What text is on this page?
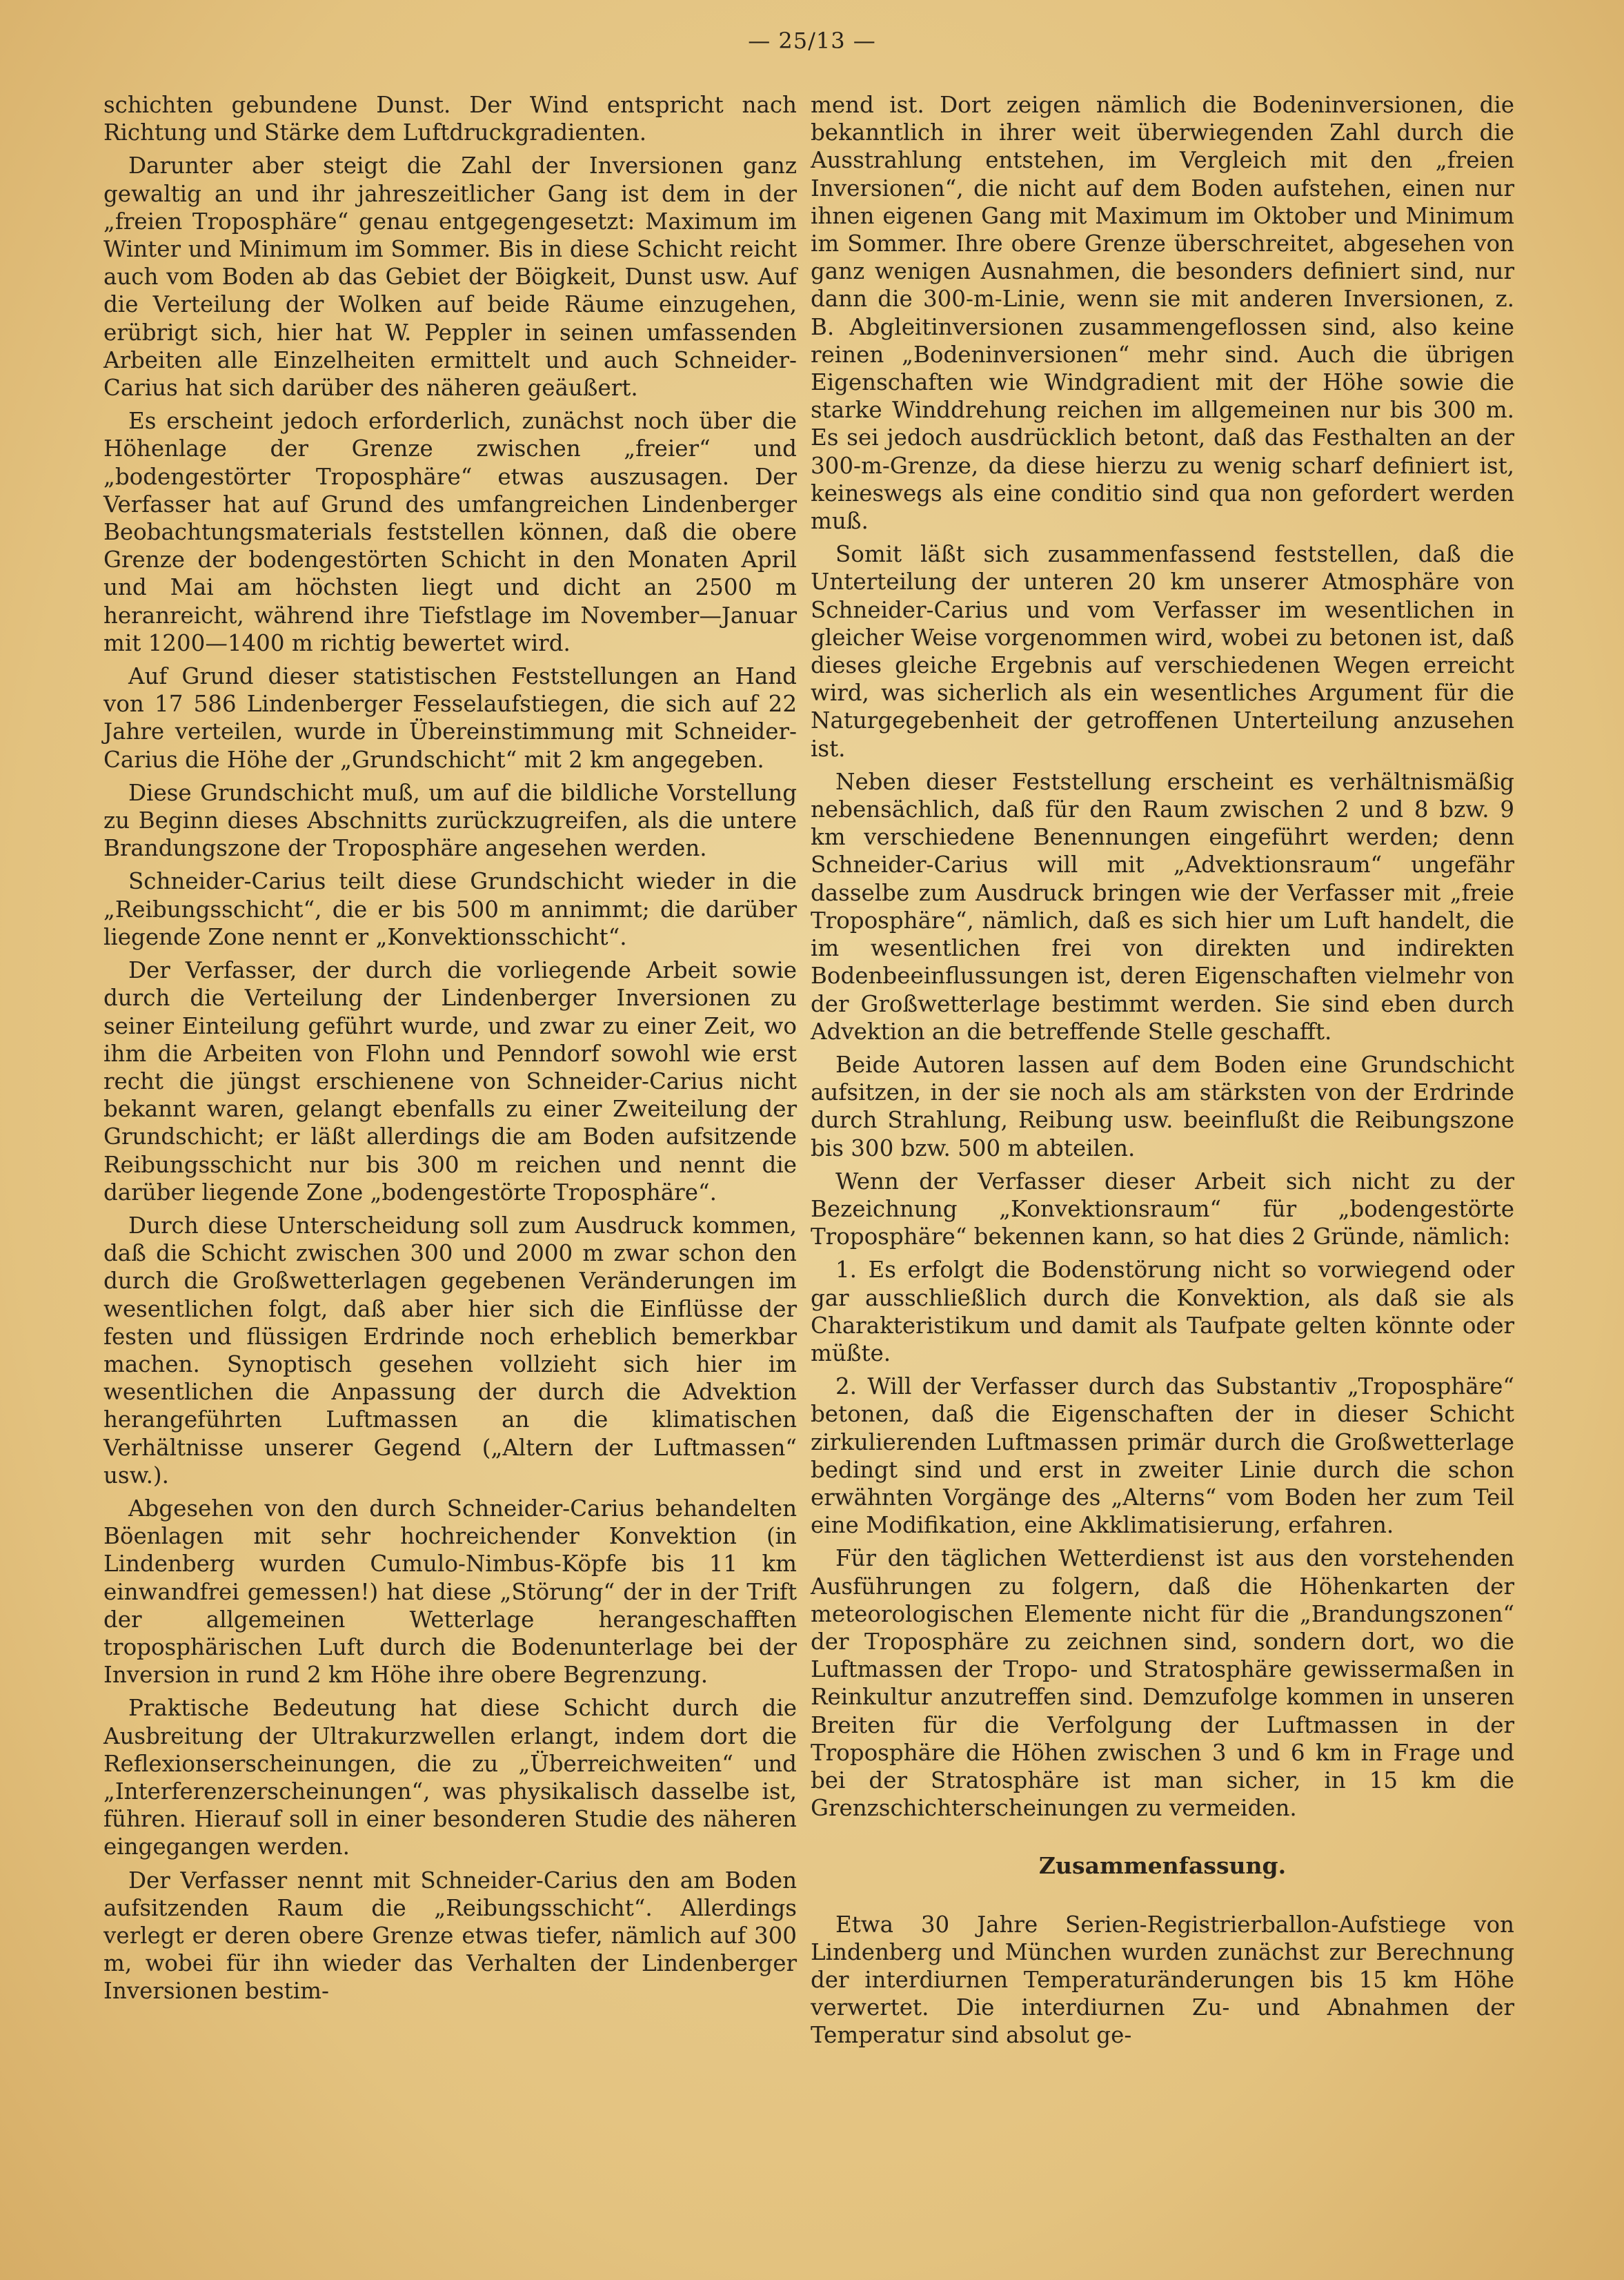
— 25/13 —

schichten gebundene Dunst. Der Wind entspricht nach Richtung und Stärke dem Luftdruckgradienten.

Darunter aber steigt die Zahl der Inversionen ganz gewaltig an und ihr jahreszeitlicher Gang ist dem in der „freien Troposphäre“ genau entgegengesetzt: Maximum im Winter und Minimum im Sommer. Bis in diese Schicht reicht auch vom Boden ab das Gebiet der Böigkeit, Dunst usw. Auf die Verteilung der Wolken auf beide Räume einzugehen, erübrigt sich, hier hat W. Peppler in seinen umfassenden Arbeiten alle Einzelheiten ermittelt und auch Schneider-Carius hat sich darüber des näheren geäußert.

Es erscheint jedoch erforderlich, zunächst noch über die Höhenlage der Grenze zwischen „freier“ und „bodengestörter Troposphäre“ etwas auszusagen. Der Verfasser hat auf Grund des umfangreichen Lindenberger Beobachtungsmaterials feststellen können, daß die obere Grenze der bodengestörten Schicht in den Monaten April und Mai am höchsten liegt und dicht an 2500 m heranreicht, während ihre Tiefstlage im November—Januar mit 1200—1400 m richtig bewertet wird.

Auf Grund dieser statistischen Feststellungen an Hand von 17 586 Lindenberger Fesselaufstiegen, die sich auf 22 Jahre verteilen, wurde in Übereinstimmung mit Schneider-Carius die Höhe der „Grundschicht“ mit 2 km angegeben.

Diese Grundschicht muß, um auf die bildliche Vorstellung zu Beginn dieses Abschnitts zurückzugreifen, als die untere Brandungszone der Troposphäre angesehen werden.

Schneider-Carius teilt diese Grundschicht wieder in die „Reibungsschicht“, die er bis 500 m annimmt; die darüber liegende Zone nennt er „Konvektionsschicht“.

Der Verfasser, der durch die vorliegende Arbeit sowie durch die Verteilung der Lindenberger Inversionen zu seiner Einteilung geführt wurde, und zwar zu einer Zeit, wo ihm die Arbeiten von Flohn und Penndorf sowohl wie erst recht die jüngst erschienene von Schneider-Carius nicht bekannt waren, gelangt ebenfalls zu einer Zweiteilung der Grundschicht; er läßt allerdings die am Boden aufsitzende Reibungsschicht nur bis 300 m reichen und nennt die darüber liegende Zone „bodengestörte Troposphäre“.

Durch diese Unterscheidung soll zum Ausdruck kommen, daß die Schicht zwischen 300 und 2000 m zwar schon den durch die Großwetterlagen gegebenen Veränderungen im wesentlichen folgt, daß aber hier sich die Einflüsse der festen und flüssigen Erdrinde noch erheblich bemerkbar machen. Synoptisch gesehen vollzieht sich hier im wesentlichen die Anpassung der durch die Advektion herangeführten Luftmassen an die klimatischen Verhältnisse unserer Gegend („Altern der Luftmassen“ usw.).

Abgesehen von den durch Schneider-Carius behandelten Böenlagen mit sehr hochreichender Konvektion (in Lindenberg wurden Cumulo-Nimbus-Köpfe bis 11 km einwandfrei gemessen!) hat diese „Störung“ der in der Trift der allgemeinen Wetterlage herangeschafften troposphärischen Luft durch die Bodenunterlage bei der Inversion in rund 2 km Höhe ihre obere Begrenzung.

Praktische Bedeutung hat diese Schicht durch die Ausbreitung der Ultrakurzwellen erlangt, indem dort die Reflexionserscheinungen, die zu „Überreichweiten“ und „Interferenzerscheinungen“, was physikalisch dasselbe ist, führen. Hierauf soll in einer besonderen Studie des näheren eingegangen werden.

Der Verfasser nennt mit Schneider-Carius den am Boden aufsitzenden Raum die „Reibungsschicht“. Allerdings verlegt er deren obere Grenze etwas tiefer, nämlich auf 300 m, wobei für ihn wieder das Verhalten der Lindenberger Inversionen bestim-

mend ist. Dort zeigen nämlich die Bodeninversionen, die bekanntlich in ihrer weit überwiegenden Zahl durch die Ausstrahlung entstehen, im Vergleich mit den „freien Inversionen“, die nicht auf dem Boden aufstehen, einen nur ihnen eigenen Gang mit Maximum im Oktober und Minimum im Sommer. Ihre obere Grenze überschreitet, abgesehen von ganz wenigen Ausnahmen, die besonders definiert sind, nur dann die 300-m-Linie, wenn sie mit anderen Inversionen, z. B. Abgleitinversionen zusammengeflossen sind, also keine reinen „Bodeninversionen“ mehr sind. Auch die übrigen Eigenschaften wie Windgradient mit der Höhe sowie die starke Winddrehung reichen im allgemeinen nur bis 300 m. Es sei jedoch ausdrücklich betont, daß das Festhalten an der 300-m-Grenze, da diese hierzu zu wenig scharf definiert ist, keineswegs als eine conditio sind qua non gefordert werden muß.

Somit läßt sich zusammenfassend feststellen, daß die Unterteilung der unteren 20 km unserer Atmosphäre von Schneider-Carius und vom Verfasser im wesentlichen in gleicher Weise vorgenommen wird, wobei zu betonen ist, daß dieses gleiche Ergebnis auf verschiedenen Wegen erreicht wird, was sicherlich als ein wesentliches Argument für die Naturgegebenheit der getroffenen Unterteilung anzusehen ist.

Neben dieser Feststellung erscheint es verhältnismäßig nebensächlich, daß für den Raum zwischen 2 und 8 bzw. 9 km verschiedene Benennungen eingeführt werden; denn Schneider-Carius will mit „Advektionsraum“ ungefähr dasselbe zum Ausdruck bringen wie der Verfasser mit „freie Troposphäre“, nämlich, daß es sich hier um Luft handelt, die im wesentlichen frei von direkten und indirekten Bodenbeeinflussungen ist, deren Eigenschaften vielmehr von der Großwetterlage bestimmt werden. Sie sind eben durch Advektion an die betreffende Stelle geschafft.

Beide Autoren lassen auf dem Boden eine Grundschicht aufsitzen, in der sie noch als am stärksten von der Erdrinde durch Strahlung, Reibung usw. beeinflußt die Reibungszone bis 300 bzw. 500 m abteilen.

Wenn der Verfasser dieser Arbeit sich nicht zu der Bezeichnung „Konvektionsraum“ für „bodengestörte Troposphäre“ bekennen kann, so hat dies 2 Gründe, nämlich:

1. Es erfolgt die Bodenstörung nicht so vorwiegend oder gar ausschließlich durch die Konvektion, als daß sie als Charakteristikum und damit als Taufpate gelten könnte oder müßte.

2. Will der Verfasser durch das Substantiv „Troposphäre“ betonen, daß die Eigenschaften der in dieser Schicht zirkulierenden Luftmassen primär durch die Großwetterlage bedingt sind und erst in zweiter Linie durch die schon erwähnten Vorgänge des „Alterns“ vom Boden her zum Teil eine Modifikation, eine Akklimatisierung, erfahren.

Für den täglichen Wetterdienst ist aus den vorstehenden Ausführungen zu folgern, daß die Höhenkarten der meteorologischen Elemente nicht für die „Brandungszonen“ der Troposphäre zu zeichnen sind, sondern dort, wo die Luftmassen der Tropo- und Stratosphäre gewissermaßen in Reinkultur anzutreffen sind. Demzufolge kommen in unseren Breiten für die Verfolgung der Luftmassen in der Troposphäre die Höhen zwischen 3 und 6 km in Frage und bei der Stratosphäre ist man sicher, in 15 km die Grenzschichterscheinungen zu vermeiden.

Zusammenfassung.

Etwa 30 Jahre Serien-Registrierballon-Aufstiege von Lindenberg und München wurden zunächst zur Berechnung der interdiurnen Temperaturänderungen bis 15 km Höhe verwertet. Die interdiurnen Zu- und Abnahmen der Temperatur sind absolut ge-
